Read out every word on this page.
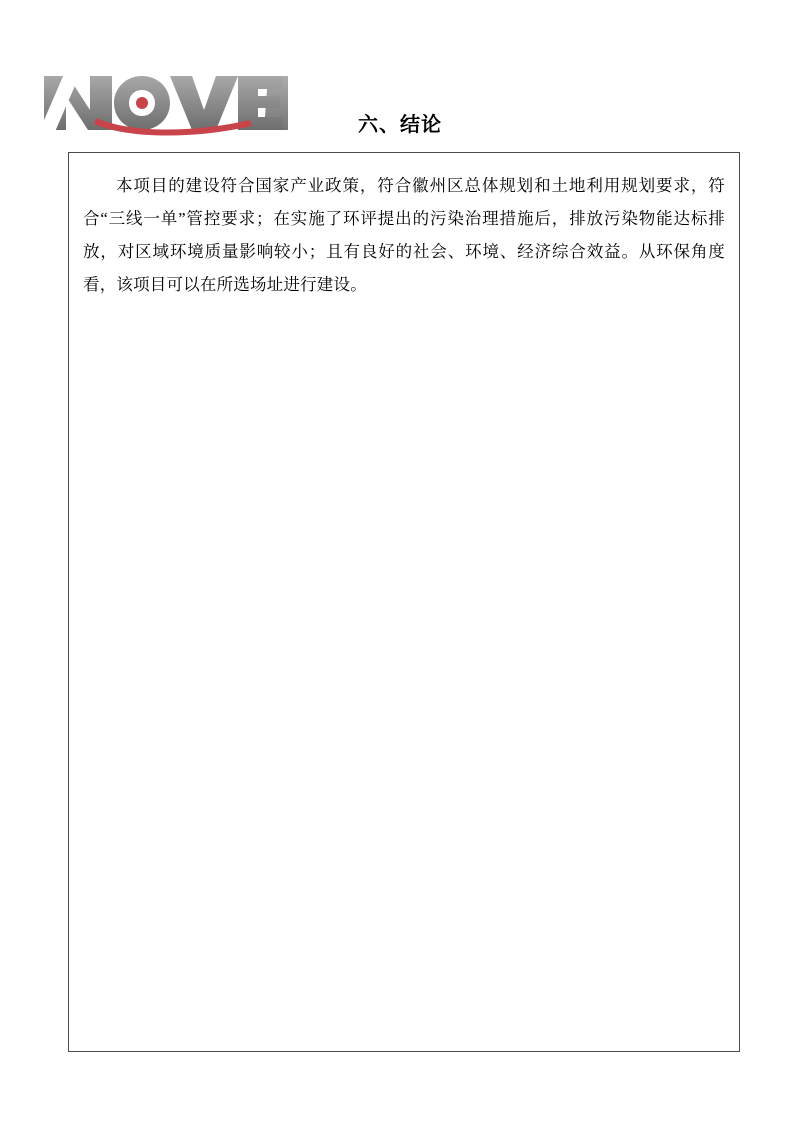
六、结论

本项目的建设符合国家产业政策，符合徽州区总体规划和土地利用规划要求，符合“三线一单”管控要求；在实施了环评提出的污染治理措施后，排放污染物能达标排放，对区域环境质量影响较小；且有良好的社会、环境、经济综合效益。从环保角度看，该项目可以在所选场址进行建设。
